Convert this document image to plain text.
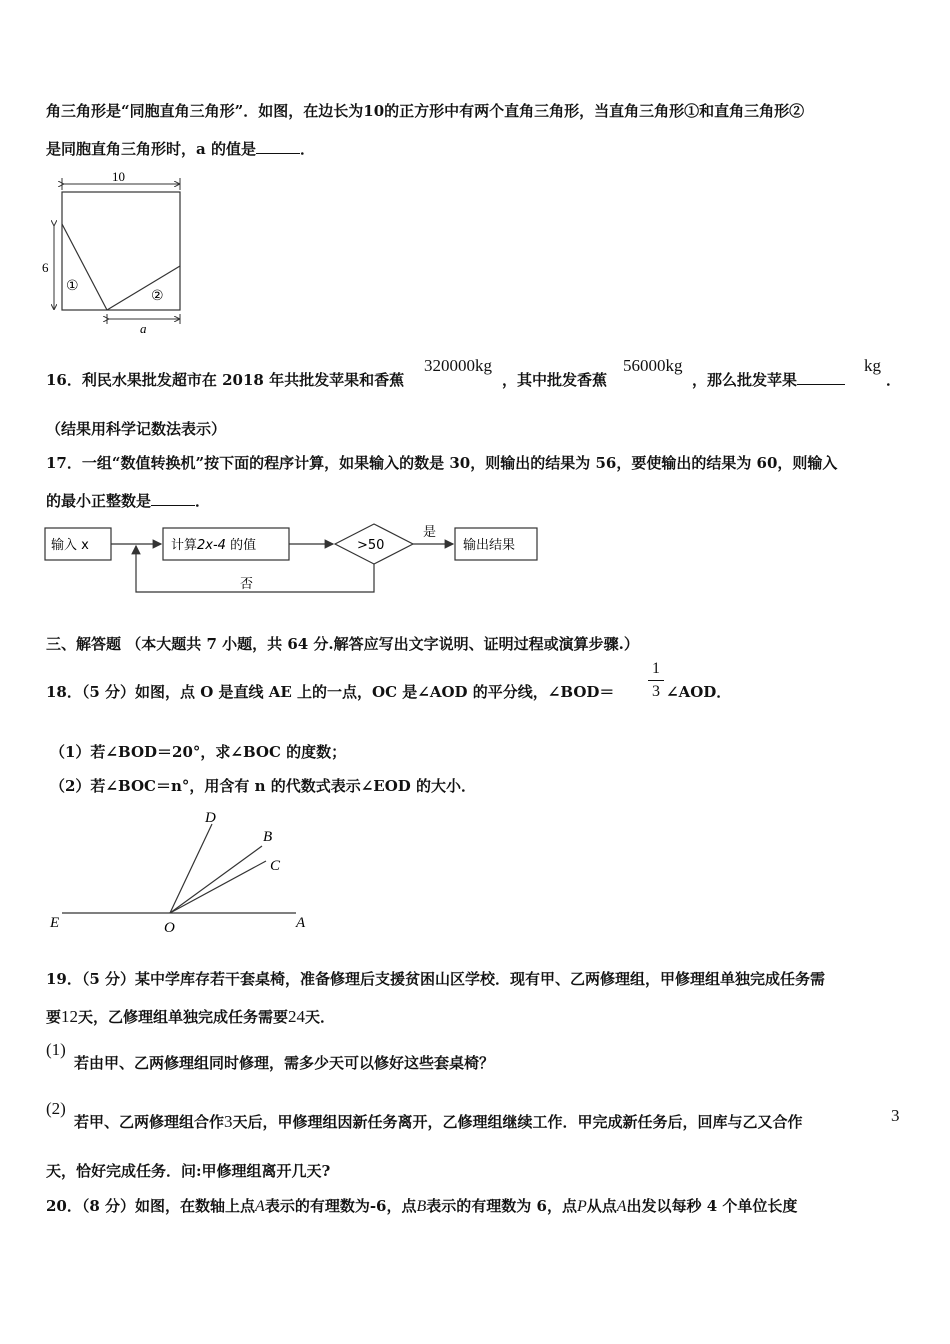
角三角形是“同胞直角三角形”．如图，在边长为10的正方形中有两个直角三角形，当直角三角形①和直角三角形②
是同胞直角三角形时，a 的值是	．
10
6
a
①
②
16．利民水果批发超市在 2018 年共批发苹果和香蕉
320000kg
，其中批发香蕉
56000kg
，那么批发苹果
kg
．
（结果用科学记数法表示）
17．一组“数值转换机”按下面的程序计算，如果输入的数是 30，则输出的结果为 56，要使输出的结果为 60，则输入
的最小正整数是	．
输入 x	计算2x-4 的值	>50
是
输出结果
否
三、解答题 （本大题共 7 小题，共 64 分.解答应写出文字说明、证明过程或演算步骤.）
18．（5 分）如图，点 O 是直线 AE 上的一点，OC 是∠AOD 的平分线，∠BOD＝
1
3 ∠AOD．
（1）若∠BOD＝20°，求∠BOC 的度数；
（2）若∠BOC＝n°，用含有 n 的代数式表示∠EOD 的大小．
D
B
C
E	O	A
19．（5 分）某中学库存若干套桌椅，准备修理后支援贫困山区学校．现有甲、乙两修理组，甲修理组单独完成任务需
要12天，乙修理组单独完成任务需要24天．
(1)
若由甲、乙两修理组同时修理，需多少天可以修好这些套桌椅？
(2)
若甲、乙两修理组合作3天后，甲修理组因新任务离开，乙修理组继续工作．甲完成新任务后，回库与乙又合作	3
天，恰好完成任务．问:甲修理组离开几天?
20．（8 分）如图，在数轴上点A表示的有理数为-6，点B表示的有理数为 6，点P从点A出发以每秒 4 个单位长度
